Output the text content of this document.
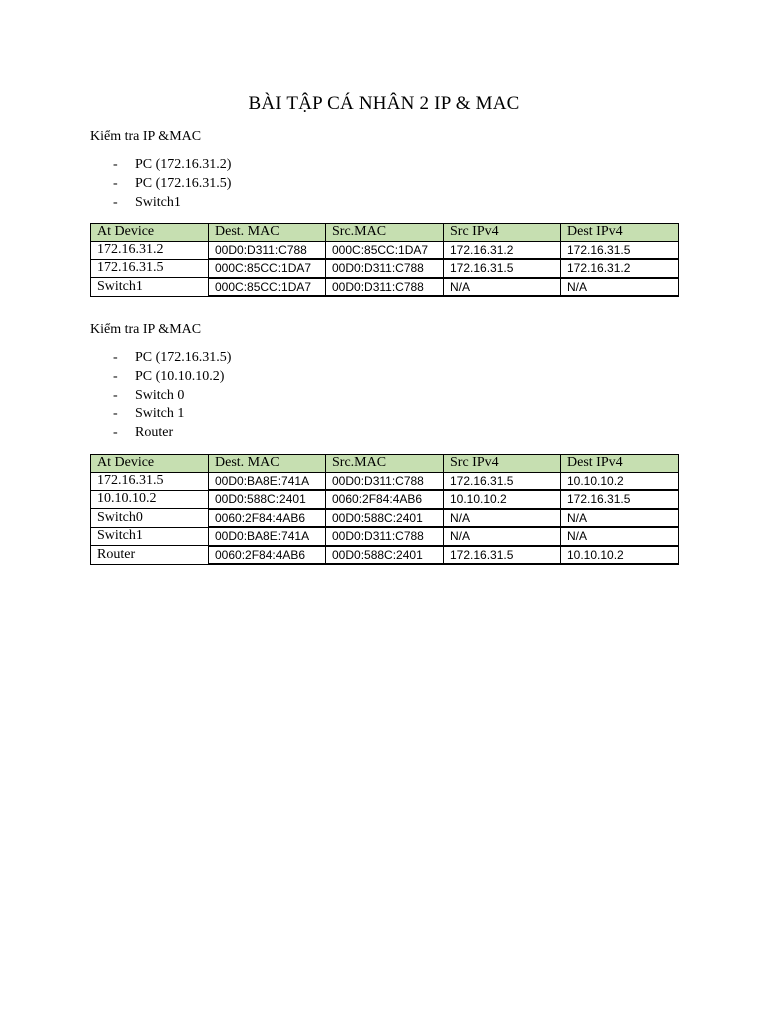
BÀI TẬP CÁ NHÂN 2 IP & MAC
Kiểm tra IP &MAC
- PC (172.16.31.2)
- PC (172.16.31.5)
- Switch1
At Device	Dest. MAC	Src.MAC	Src IPv4	Dest IPv4
172.16.31.2	00D0:D311:C788	000C:85CC:1DA7	172.16.31.2	172.16.31.5
172.16.31.5	000C:85CC:1DA7	00D0:D311:C788	172.16.31.5	172.16.31.2
Switch1	000C:85CC:1DA7	00D0:D311:C788	N/A	N/A
Kiểm tra IP &MAC
- PC (172.16.31.5)
- PC (10.10.10.2)
- Switch 0
- Switch 1
- Router
At Device	Dest. MAC	Src.MAC	Src IPv4	Dest IPv4
172.16.31.5	00D0:BA8E:741A	00D0:D311:C788	172.16.31.5	10.10.10.2
10.10.10.2	00D0:588C:2401	0060:2F84:4AB6	10.10.10.2	172.16.31.5
Switch0	0060:2F84:4AB6	00D0:588C:2401	N/A	N/A
Switch1	00D0:BA8E:741A	00D0:D311:C788	N/A	N/A
Router	0060:2F84:4AB6	00D0:588C:2401	172.16.31.5	10.10.10.2
